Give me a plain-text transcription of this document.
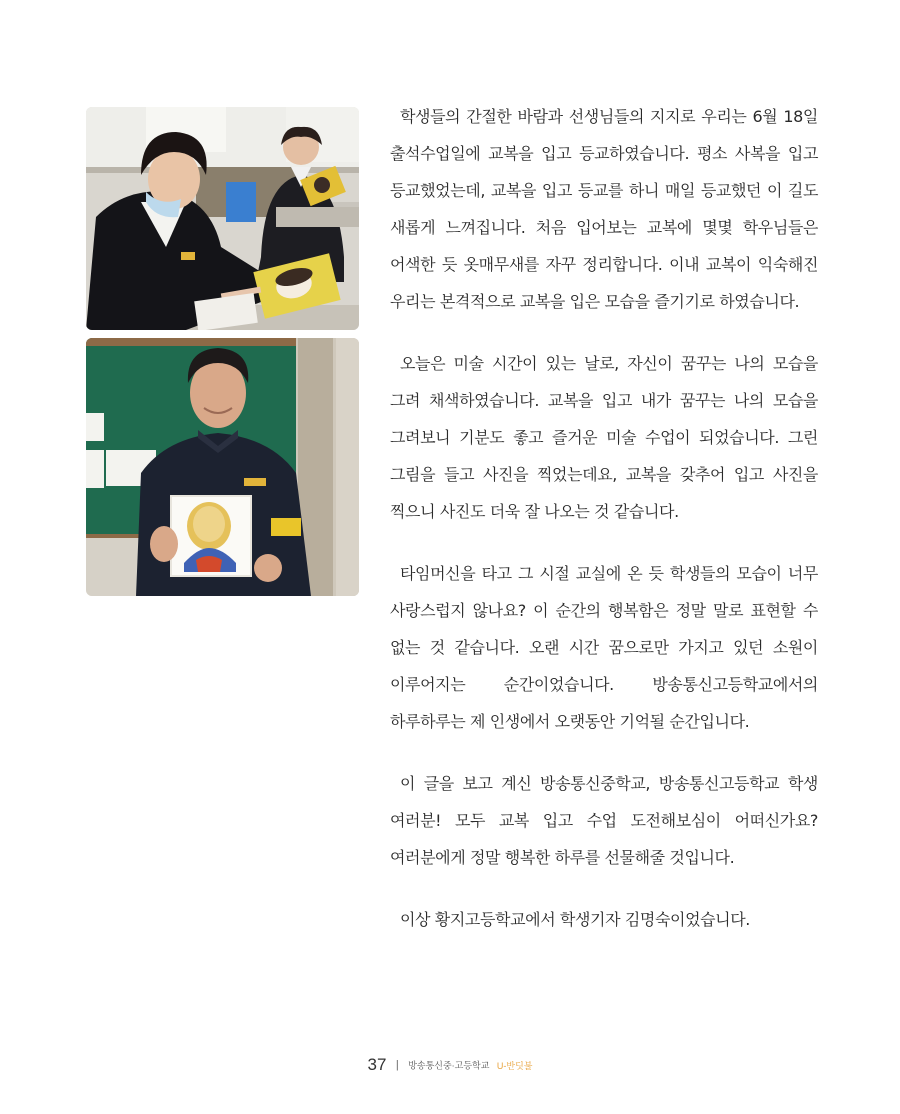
학생들의 간절한 바람과 선생님들의 지지로 우리는 6월 18일 출석수업일에 교복을 입고 등교하였습니다. 평소 사복을 입고 등교했었는데, 교복을 입고 등교를 하니 매일 등교했던 이 길도 새롭게 느껴집니다. 처음 입어보는 교복에 몇몇 학우님들은 어색한 듯 옷매무새를 자꾸 정리합니다. 이내 교복이 익숙해진 우리는 본격적으로 교복을 입은 모습을 즐기기로 하였습니다.

오늘은 미술 시간이 있는 날로, 자신이 꿈꾸는 나의 모습을 그려 채색하였습니다. 교복을 입고 내가 꿈꾸는 나의 모습을 그려보니 기분도 좋고 즐거운 미술 수업이 되었습니다. 그린 그림을 들고 사진을 찍었는데요, 교복을 갖추어 입고 사진을 찍으니 사진도 더욱 잘 나오는 것 같습니다.

타임머신을 타고 그 시절 교실에 온 듯 학생들의 모습이 너무 사랑스럽지 않나요? 이 순간의 행복함은 정말 말로 표현할 수 없는 것 같습니다. 오랜 시간 꿈으로만 가지고 있던 소원이 이루어지는 순간이었습니다. 방송통신고등학교에서의 하루하루는 제 인생에서 오랫동안 기억될 순간입니다.

이 글을 보고 계신 방송통신중학교, 방송통신고등학교 학생 여러분! 모두 교복 입고 수업 도전해보심이 어떠신가요? 여러분에게 정말 행복한 하루를 선물해줄 것입니다.

이상 황지고등학교에서 학생기자 김명숙이었습니다.

37 | 방송통신중·고등학교 U-반딧불
